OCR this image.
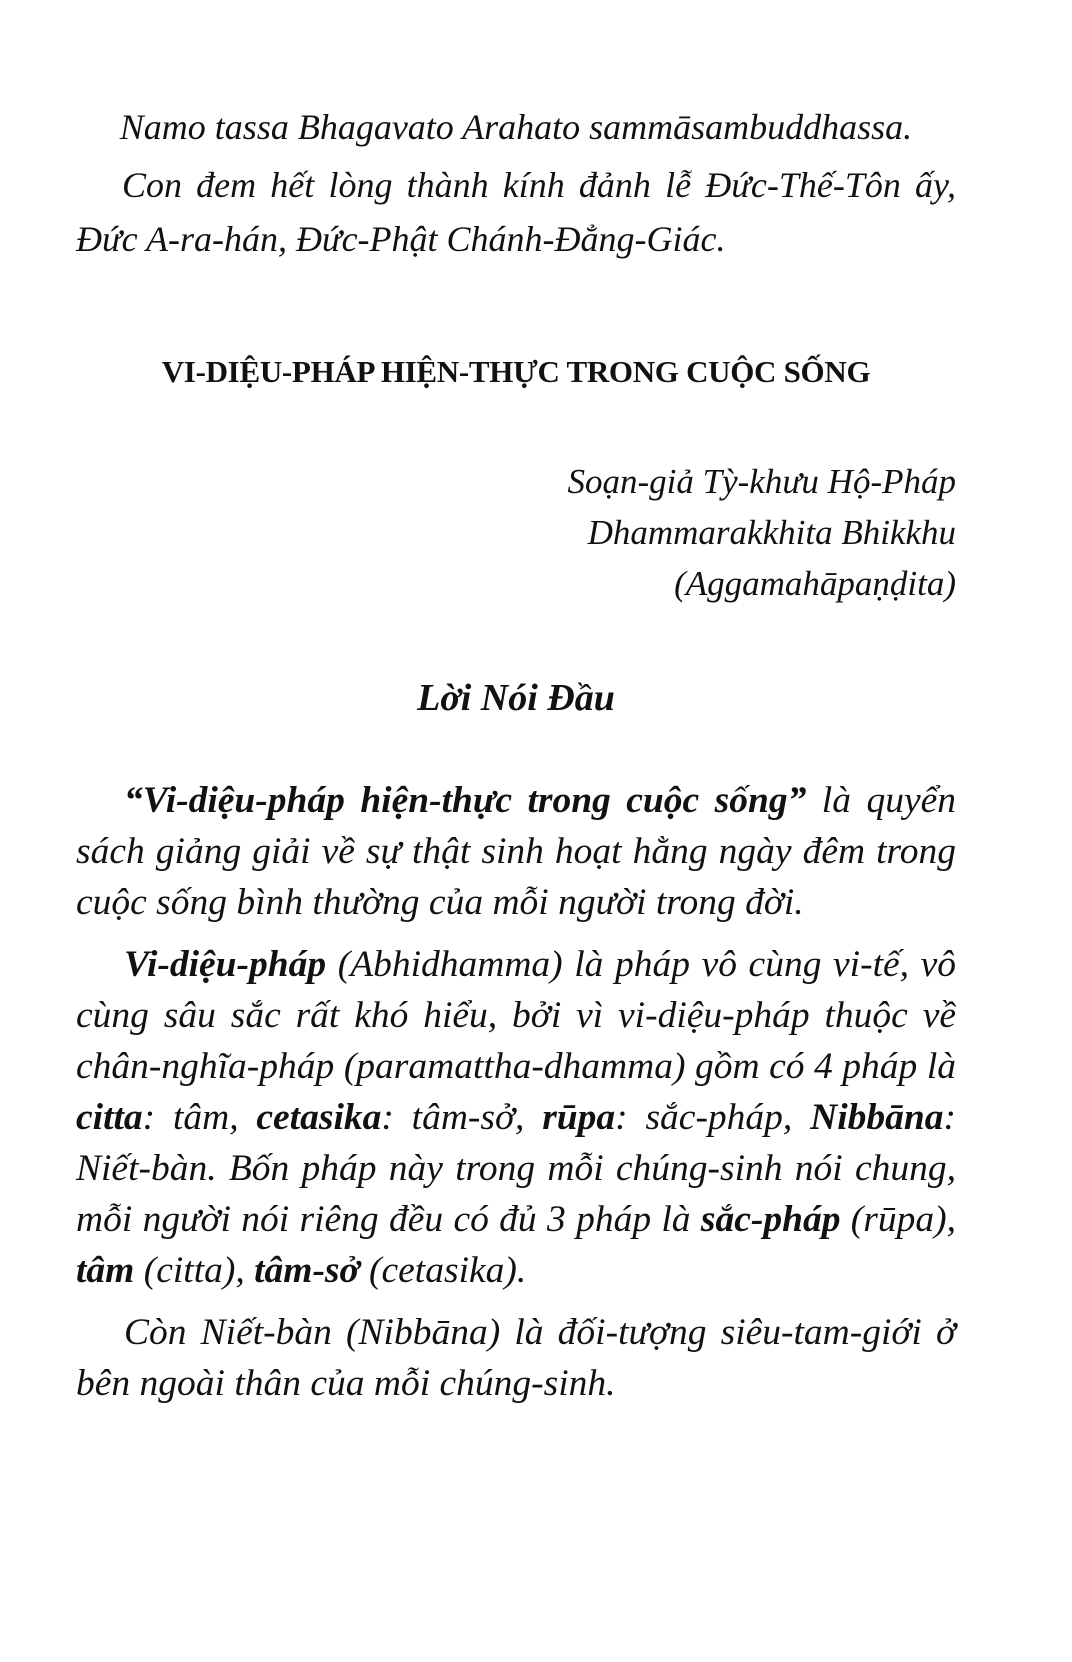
Namo tassa Bhagavato Arahato sammāsambuddhassa.

Con đem hết lòng thành kính đảnh lễ Đức-Thế-Tôn ấy, Đức A-ra-hán, Đức-Phật Chánh-Đẳng-Giác.

VI-DIỆU-PHÁP HIỆN-THỰC TRONG CUỘC SỐNG
Soạn-giả Tỳ-khưu Hộ-Pháp
Dhammarakkhita Bhikkhu
(Aggamahāpaṇḍita)
Lời Nói Đầu

“Vi-diệu-pháp hiện-thực trong cuộc sống” là quyển sách giảng giải về sự thật sinh hoạt hằng ngày đêm trong cuộc sống bình thường của mỗi người trong đời.

Vi-diệu-pháp (Abhidhamma) là pháp vô cùng vi-tế, vô cùng sâu sắc rất khó hiểu, bởi vì vi-diệu-pháp thuộc về chân-nghĩa-pháp (paramattha-dhamma) gồm có 4 pháp là citta: tâm, cetasika: tâm-sở, rūpa: sắc-pháp, Nibbāna: Niết-bàn. Bốn pháp này trong mỗi chúng-sinh nói chung, mỗi người nói riêng đều có đủ 3 pháp là sắc-pháp (rūpa), tâm (citta), tâm-sở (cetasika).

Còn Niết-bàn (Nibbāna) là đối-tượng siêu-tam-giới ở bên ngoài thân của mỗi chúng-sinh.
